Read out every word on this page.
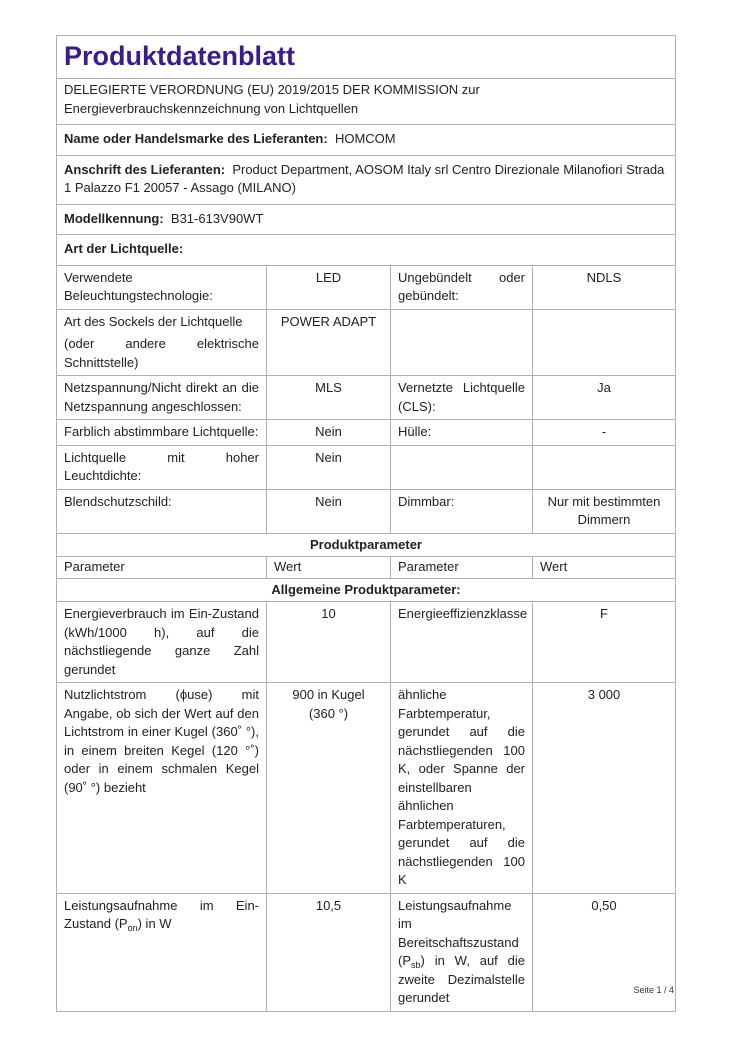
Produktdatenblatt			
DELEGIERTE VERORDNUNG (EU) 2019/2015 DER KOMMISSION zur Energieverbrauchskennzeichnung von Lichtquellen			
Name oder Handelsmarke des Lieferanten: HOMCOM			
Anschrift des Lieferanten: Product Department, AOSOM Italy srl Centro Direzionale Milanofiori Strada 1 Palazzo F1 20057 - Assago (MILANO)			
Modellkennung: B31-613V90WT			
Art der Lichtquelle:			
Verwendete Beleuchtungstechnologie:	LED	Ungebündelt oder gebündelt:	NDLS

Art des Sockels der Lichtquelle
(oder andere elektrische Schnittstelle)	POWER ADAPT		
Netzspannung/Nicht direkt an die Netzspannung angeschlossen:	MLS	Vernetzte Lichtquelle (CLS):	Ja
Farblich abstimmbare Lichtquelle:	Nein	Hülle:	-
Lichtquelle mit hoher Leuchtdichte:	Nein		
Blendschutzschild:	Nein	Dimmbar:	Nur mit bestimmten Dimmern
Produktparameter			
Parameter	Wert	Parameter	Wert
Allgemeine Produktparameter:			
Energieverbrauch im Ein-Zustand (kWh/1000 h), auf die nächstliegende ganze Zahl gerundet	10	Energieeffizienzklasse	F
Nutzlichtstrom (ϕuse) mit Angabe, ob sich der Wert auf den Lichtstrom in einer Kugel (360˚ °), in einem breiten Kegel (120 °˚) oder in einem schmalen Kegel (90˚ °) bezieht	900 in Kugel (360 °)	ähnliche Farbtemperatur, gerundet auf die nächstliegenden 100 K, oder Spanne der einstellbaren ähnlichen Farbtemperaturen, gerundet auf die nächstliegenden 100 K	3 000
Leistungsaufnahme im Ein-Zustand $(P_{on})$ in W	10,5	Leistungsaufnahme im Bereitschaftszustand $(P_{sb})$ in W, auf die zweite Dezimalstelle gerundet	0,50
Seite 1 / 4
